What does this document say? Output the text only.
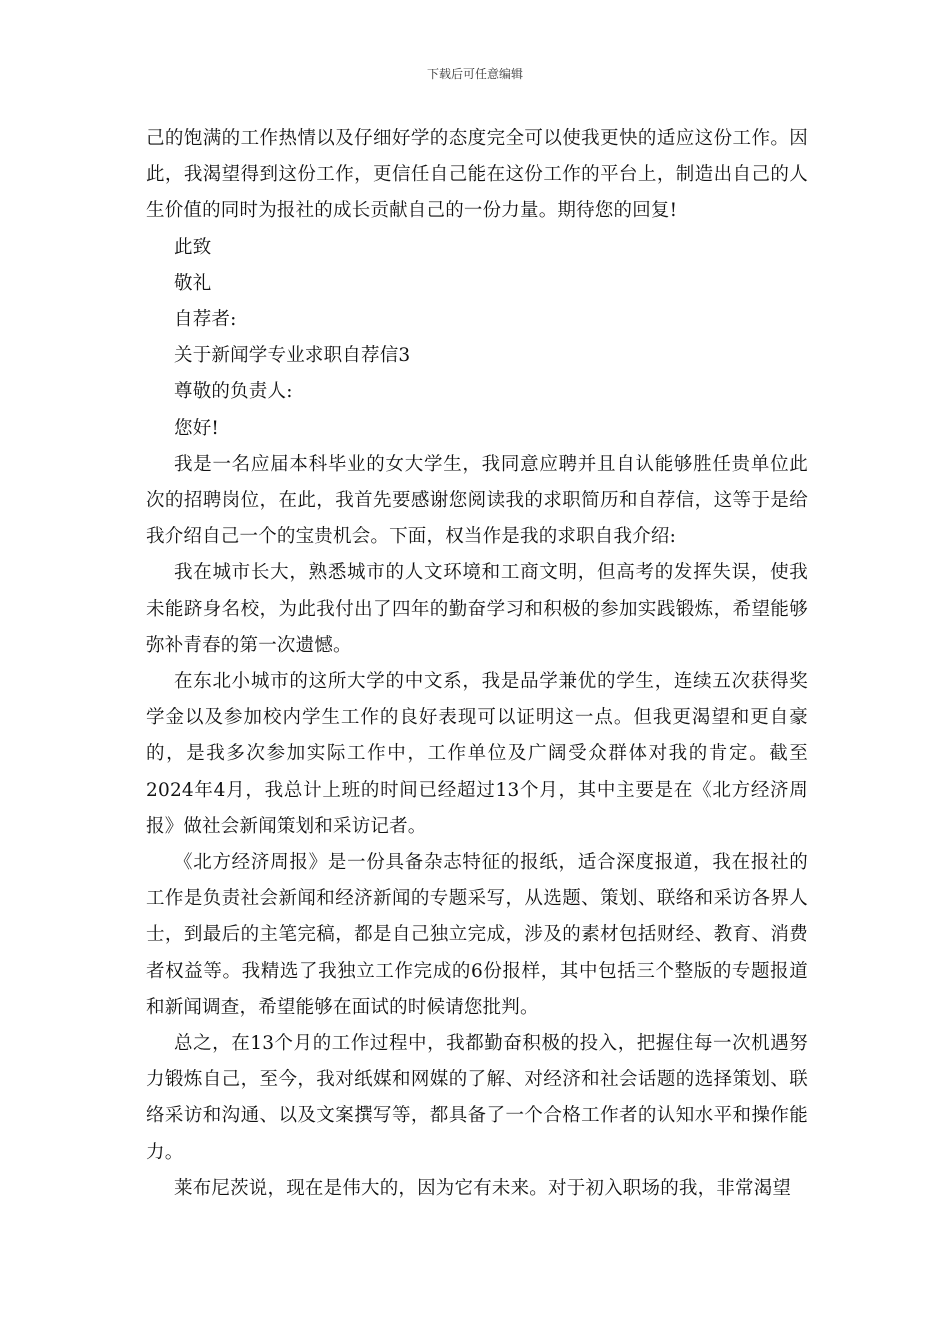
下载后可任意编辑

己的饱满的工作热情以及仔细好学的态度完全可以使我更快的适应这份工作。因此，我渴望得到这份工作，更信任自己能在这份工作的平台上，制造出自己的人生价值的同时为报社的成长贡献自己的一份力量。期待您的回复!

此致

敬礼

自荐者:

关于新闻学专业求职自荐信3

尊敬的负责人:

您好!

我是一名应届本科毕业的女大学生，我同意应聘并且自认能够胜任贵单位此次的招聘岗位，在此，我首先要感谢您阅读我的求职简历和自荐信，这等于是给我介绍自己一个的宝贵机会。下面，权当作是我的求职自我介绍:

我在城市长大，熟悉城市的人文环境和工商文明，但高考的发挥失误，使我未能跻身名校，为此我付出了四年的勤奋学习和积极的参加实践锻炼，希望能够弥补青春的第一次遗憾。

在东北小城市的这所大学的中文系，我是品学兼优的学生，连续五次获得奖学金以及参加校内学生工作的良好表现可以证明这一点。但我更渴望和更自豪的，是我多次参加实际工作中，工作单位及广阔受众群体对我的肯定。截至2024年4月，我总计上班的时间已经超过13个月，其中主要是在《北方经济周报》做社会新闻策划和采访记者。

《北方经济周报》是一份具备杂志特征的报纸，适合深度报道，我在报社的工作是负责社会新闻和经济新闻的专题采写，从选题、策划、联络和采访各界人士，到最后的主笔完稿，都是自己独立完成，涉及的素材包括财经、教育、消费者权益等。我精选了我独立工作完成的6份报样，其中包括三个整版的专题报道和新闻调查，希望能够在面试的时候请您批判。

总之，在13个月的工作过程中，我都勤奋积极的投入，把握住每一次机遇努力锻炼自己，至今，我对纸媒和网媒的了解、对经济和社会话题的选择策划、联络采访和沟通、以及文案撰写等，都具备了一个合格工作者的认知水平和操作能力。

莱布尼茨说，现在是伟大的，因为它有未来。对于初入职场的我，非常渴望
